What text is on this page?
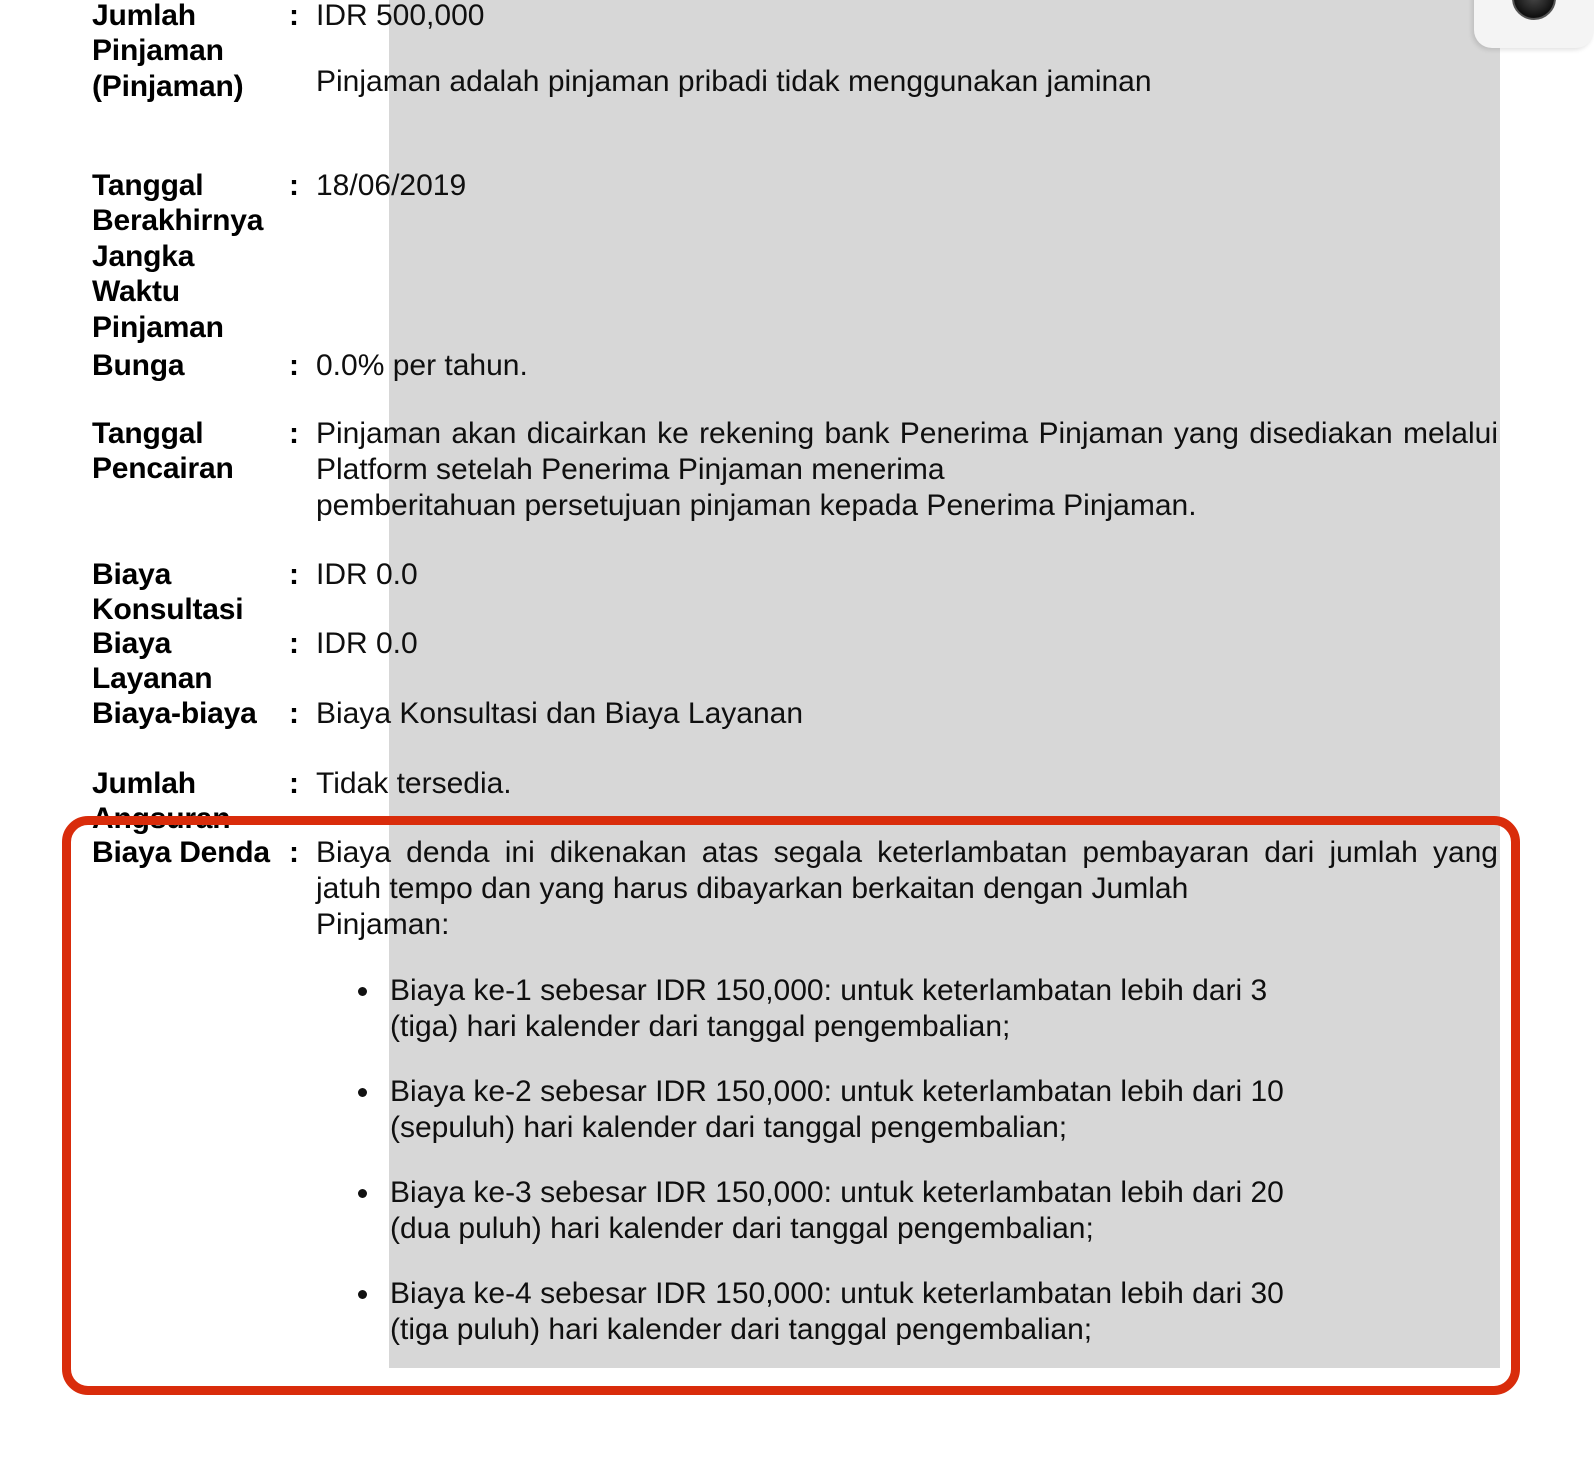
Jumlah Pinjaman (Pinjaman)
: IDR 500,000
Pinjaman adalah pinjaman pribadi tidak menggunakan jaminan
Tanggal Berakhirnya Jangka Waktu Pinjaman
: 18/06/2019
Bunga	: 0.0% per tahun.
Tanggal Pencairan
: Pinjaman akan dicairkan ke rekening bank Penerima Pinjaman yang disediakan melalui Platform setelah Penerima Pinjaman menerima

pemberitahuan persetujuan pinjaman kepada Penerima Pinjaman.

Biaya Konsultasi
: IDR 0.0
Biaya Layanan
: IDR 0.0
Biaya-biaya	: Biaya Konsultasi dan Biaya Layanan
Jumlah Angsuran
: Tidak tersedia.
Biaya Denda : Biaya denda ini dikenakan atas segala keterlambatan pembayaran dari jumlah yang jatuh tempo dan yang harus dibayarkan berkaitan dengan Jumlah

Pinjaman:

Biaya ke-1 sebesar IDR 150,000: untuk keterlambatan lebih dari 3
(tiga) hari kalender dari tanggal pengembalian;
Biaya ke-2 sebesar IDR 150,000: untuk keterlambatan lebih dari 10
(sepuluh) hari kalender dari tanggal pengembalian;
Biaya ke-3 sebesar IDR 150,000: untuk keterlambatan lebih dari 20
(dua puluh) hari kalender dari tanggal pengembalian;
Biaya ke-4 sebesar IDR 150,000: untuk keterlambatan lebih dari 30
(tiga puluh) hari kalender dari tanggal pengembalian;
